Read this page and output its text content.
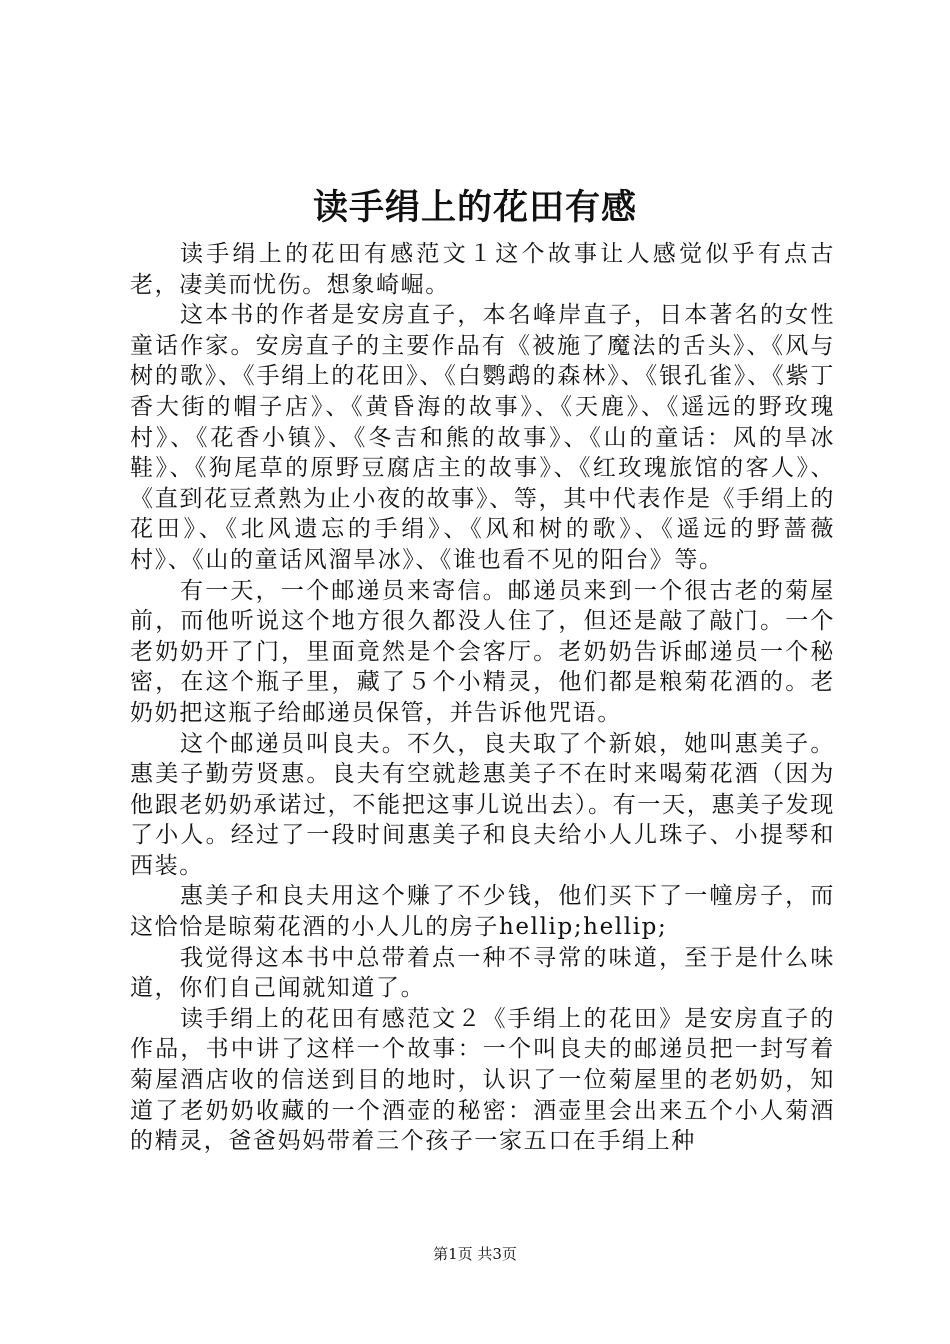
读手绢上的花田有感

读手绢上的花田有感范文１这个故事让人感觉似乎有点古老，凄美而忧伤。想象崎崛。

这本书的作者是安房直子，本名峰岸直子，日本著名的女性童话作家。安房直子的主要作品有《被施了魔法的舌头》、《风与树的歌》、《手绢上的花田》、《白鹦鹉的森林》、《银孔雀》、《紫丁香大街的帽子店》、《黄昏海的故事》、《天鹿》、《遥远的野玫瑰村》、《花香小镇》、《冬吉和熊的故事》、《山的童话：风的旱冰鞋》、《狗尾草的原野豆腐店主的故事》、《红玫瑰旅馆的客人》、《直到花豆煮熟为止小夜的故事》、等，其中代表作是《手绢上的花田》、《北风遗忘的手绢》、《风和树的歌》、《遥远的野蔷薇村》、《山的童话风溜旱冰》、《谁也看不见的阳台》等。

有一天，一个邮递员来寄信。邮递员来到一个很古老的菊屋前，而他听说这个地方很久都没人住了，但还是敲了敲门。一个老奶奶开了门，里面竟然是个会客厅。老奶奶告诉邮递员一个秘密，在这个瓶子里，藏了５个小精灵，他们都是粮菊花酒的。老奶奶把这瓶子给邮递员保管，并告诉他咒语。

这个邮递员叫良夫。不久，良夫取了个新娘，她叫惠美子。惠美子勤劳贤惠。良夫有空就趁惠美子不在时来喝菊花酒（因为他跟老奶奶承诺过，不能把这事儿说出去）。有一天，惠美子发现了小人。经过了一段时间惠美子和良夫给小人儿珠子、小提琴和西装。

惠美子和良夫用这个赚了不少钱，他们买下了一幢房子，而这恰恰是晾菊花酒的小人儿的房子hellip;hellip;

我觉得这本书中总带着点一种不寻常的味道，至于是什么味道，你们自己闻就知道了。

读手绢上的花田有感范文２《手绢上的花田》是安房直子的作品，书中讲了这样一个故事：一个叫良夫的邮递员把一封写着菊屋酒店收的信送到目的地时，认识了一位菊屋里的老奶奶，知道了老奶奶收藏的一个酒壶的秘密：酒壶里会出来五个小人菊酒的精灵，爸爸妈妈带着三个孩子一家五口在手绢上种

第1页 共3页
